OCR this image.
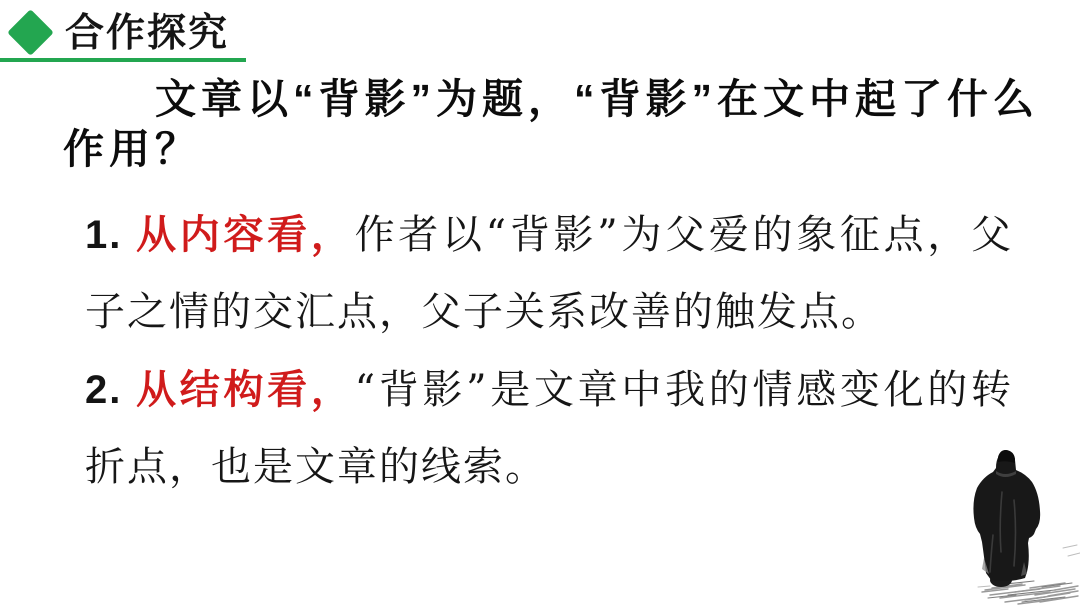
合作探究

文章以“背影”为题，“背影”在文中起了什么作用？

1. 从内容看，作者以“背影”为父爱的象征点，父子之情的交汇点，父子关系改善的触发点。

2. 从结构看，“背影”是文章中我的情感变化的转折点，也是文章的线索。
